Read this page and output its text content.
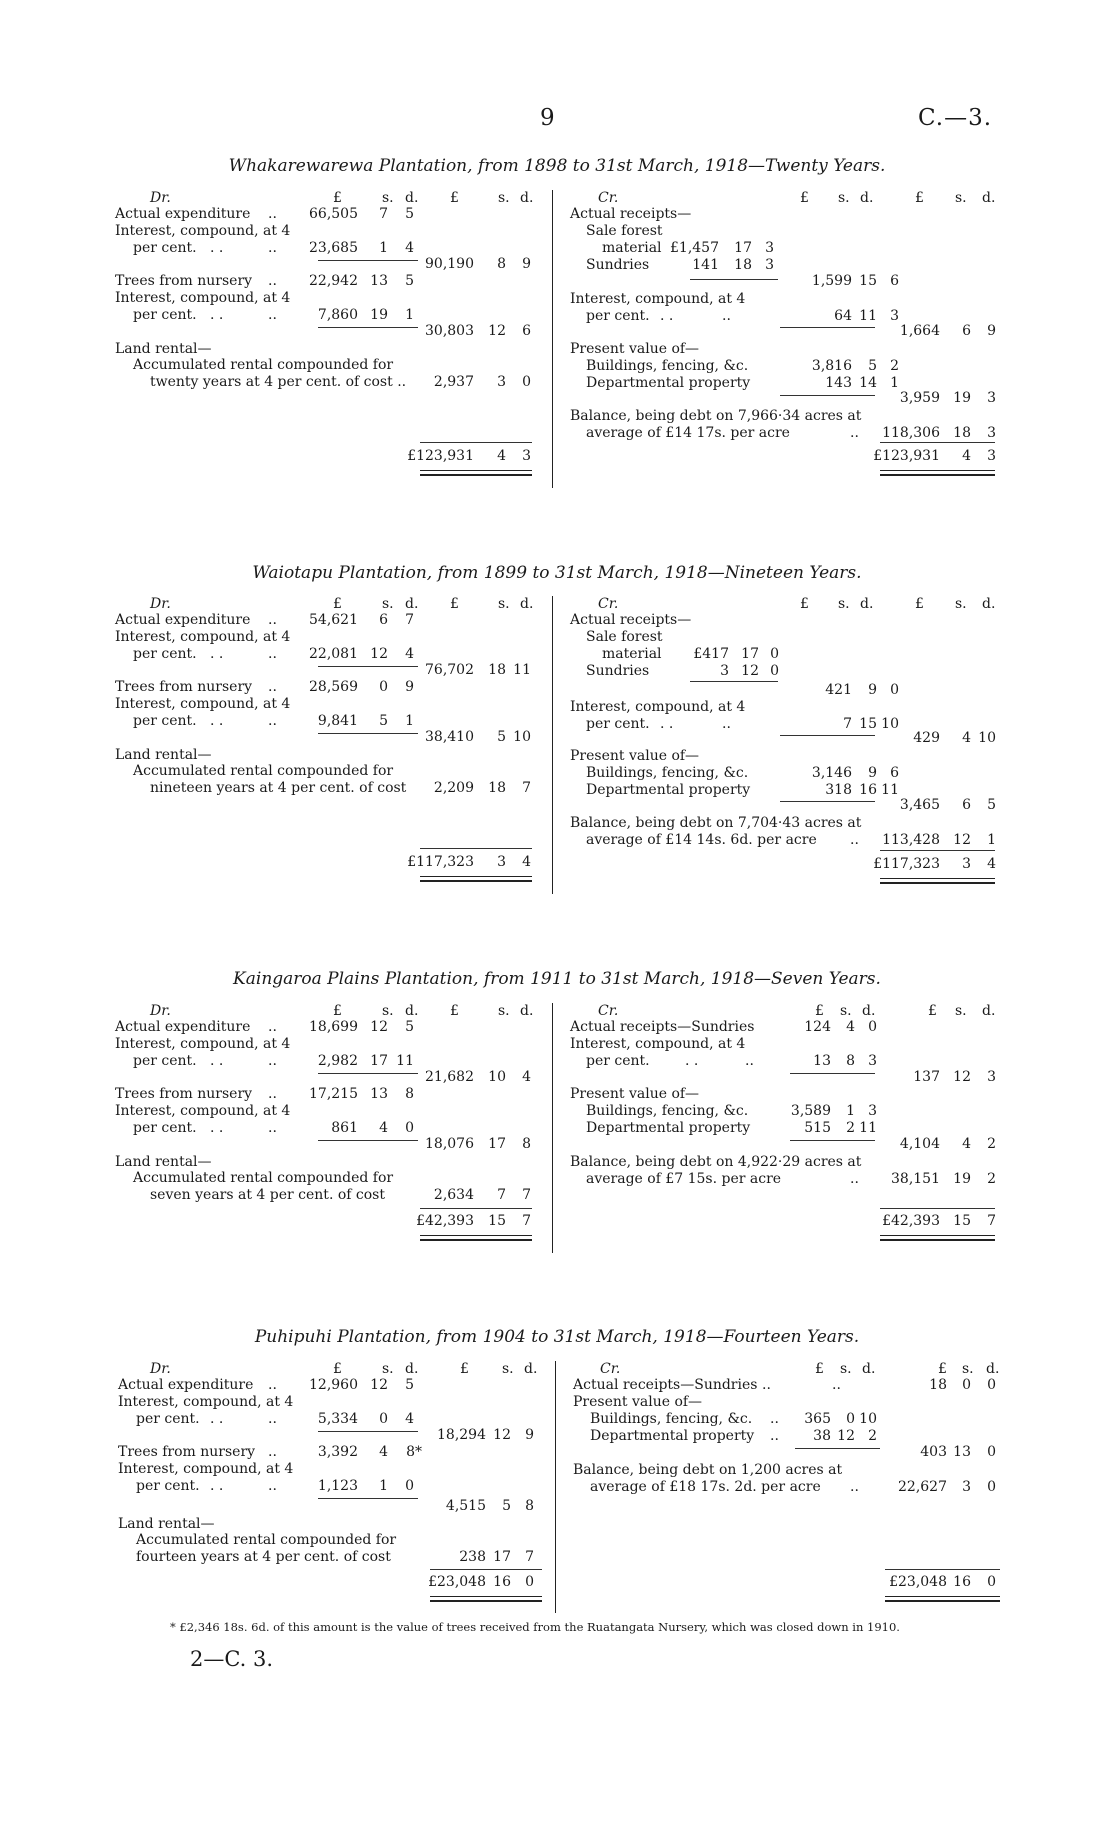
9	C.—3.
Whakarewarewa Plantation, from 1898 to 31st March, 1918—Twenty Years.
Dr.	£	s. d. £	s. d.
Actual expenditure .. 66,505 7 5
Interest, compound, at 4
per cent. . .	.. 23,685 1 4
90,190 8 9
Trees from nursery .. 22,942 13 5
Interest, compound, at 4
per cent. . .	..	7,860 19 1
30,803 12 6
Land rental—
Accumulated rental compounded for
twenty years at 4 per cent. of cost .. 2,937 3 0
£123,931 4 3
Cr.	£ s. d.	£ s. d.
Actual receipts—
Sale forest
material £1,457 17 3
Sundries	141 18 3
1,599 15 6
Interest, compound, at 4
per cent. . .	..	64 11 3
1,664 6 9
Present value of—
Buildings, fencing, &c.	3,816 5 2
Departmental property	143 14 1
3,959 19 3
Balance, being debt on 7,966·34 acres at
average of £14 17s. per acre	.. 118,306 18 3
£123,931 4 3
Waiotapu Plantation, from 1899 to 31st March, 1918—Nineteen Years.
Dr.	£	s. d. £	s. d.
Actual expenditure .. 54,621 6 7
Interest, compound, at 4
per cent. . .	.. 22,081 12 4
76,702 18 11
Trees from nursery .. 28,569 0 9
Interest, compound, at 4
per cent. . .	..	9,841 5 1
38,410 5 10
Land rental—
Accumulated rental compounded for
nineteen years at 4 per cent. of cost 2,209 18 7
£117,323 3 4
Cr.	£ s. d.	£ s. d.
Actual receipts—
Sale forest
material £417 17 0
Sundries	3 12 0
421 9 0
Interest, compound, at 4
per cent. . .	..	7 15 10
429 4 10
Present value of—
Buildings, fencing, &c.	3,146 9 6
Departmental property	318 16 11
3,465 6 5
Balance, being debt on 7,704·43 acres at
average of £14 14s. 6d. per acre .. 113,428 12 1
£117,323 3 4
Kaingaroa Plains Plantation, from 1911 to 31st March, 1918—Seven Years.
Dr.	£	s. d. £	s. d.
Actual expenditure .. 18,699 12 5
Interest, compound, at 4
per cent. . .	..	2,982 17 11
21,682 10 4
Trees from nursery .. 17,215 13 8
Interest, compound, at 4
per cent. . .	..	861 4 0
18,076 17 8
Land rental—
Accumulated rental compounded for
seven years at 4 per cent. of cost	2,634 7 7
£42,393 15 7
Cr.	£ s. d.	£ s. d.
Actual receipts—Sundries	124 4 0
Interest, compound, at 4
per cent.	. .	..	13 8 3
137 12 3
Present value of—
Buildings, fencing, &c.	3,589 1 3
Departmental property	515 2 11
4,104 4 2
Balance, being debt on 4,922·29 acres at
average of £7 15s. per acre	.. 38,151 19 2
£42,393 15 7
Puhipuhi Plantation, from 1904 to 31st March, 1918—Fourteen Years.
Dr.	£	s. d.	£ s. d.
Actual expenditure .. 12,960 12 5
Interest, compound, at 4
per cent. . .	..	5,334 0 4
18,294 12 9
Trees from nursery ..	3,392 4 8*
Interest, compound, at 4
per cent. . .	..	1,123 1 0
4,515 5 8
Land rental—
Accumulated rental compounded for
fourteen years at 4 per cent. of cost	238 17 7
£23,048 16 0
Cr.	£ s. d.	£ s. d.
Actual receipts—Sundries ..	..	18 0 0
Present value of—
Buildings, fencing, &c. .. 365 0 10
Departmental property .. 38 12 2
403 13 0
Balance, being debt on 1,200 acres at
average of £18 17s. 2d. per acre ..	22,627 3 0
£23,048 16 0
* £2,346 18s. 6d. of this amount is the value of trees received from the Ruatangata Nursery, which was closed down in 1910.
2—C. 3.
